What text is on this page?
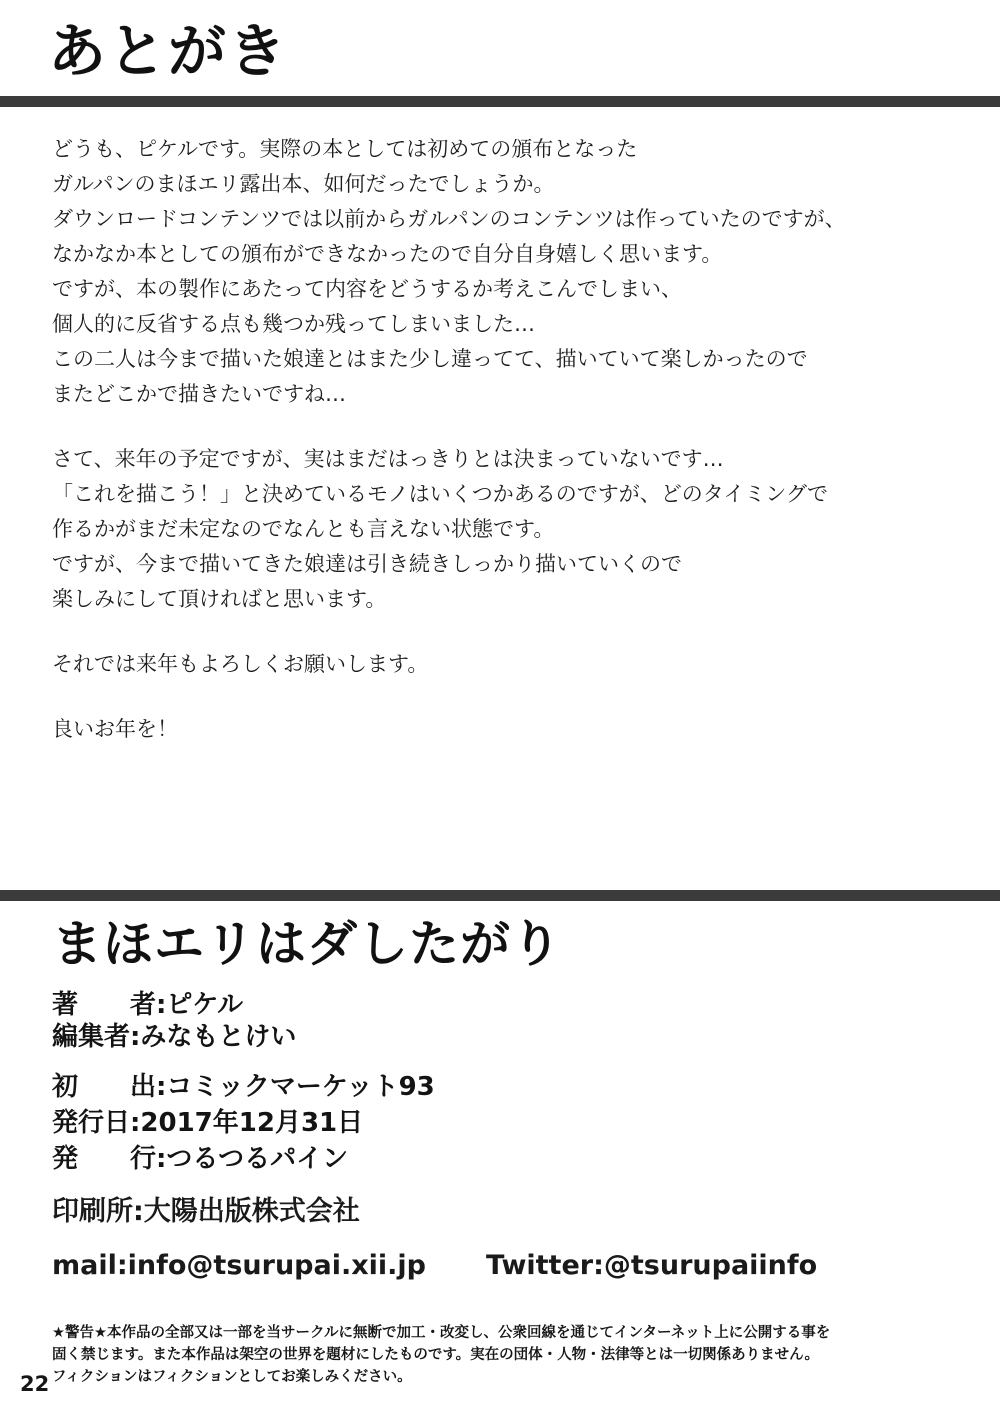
あとがき
どうも、ピケルです。実際の本としては初めての頒布となった
ガルパンのまほエリ露出本、如何だったでしょうか。
ダウンロードコンテンツでは以前からガルパンのコンテンツは作っていたのですが、
なかなか本としての頒布ができなかったので自分自身嬉しく思います。
ですが、本の製作にあたって内容をどうするか考えこんでしまい、
個人的に反省する点も幾つか残ってしまいました…
この二人は今まで描いた娘達とはまた少し違ってて、描いていて楽しかったので
またどこかで描きたいですね…
さて、来年の予定ですが、実はまだはっきりとは決まっていないです…
「これを描こう！」と決めているモノはいくつかあるのですが、どのタイミングで
作るかがまだ未定なのでなんとも言えない状態です。
ですが、今まで描いてきた娘達は引き続きしっかり描いていくので
楽しみにして頂ければと思います。
それでは来年もよろしくお願いします。
良いお年を！
まほエリはダしたがり
著　　者:ピケル
編集者:みなもとけい
初　　出:コミックマーケット93
発行日:2017年12月31日
発　　行:つるつるパイン
印刷所:大陽出版株式会社
mail:info@tsurupai.xii.jp Twitter:@tsurupaiinfo
★警告★本作品の全部又は一部を当サークルに無断で加工・改変し、公衆回線を通じてインターネット上に公開する事を
固く禁じます。また本作品は架空の世界を題材にしたものです。実在の団体・人物・法律等とは一切関係ありません。
フィクションはフィクションとしてお楽しみください。
22
